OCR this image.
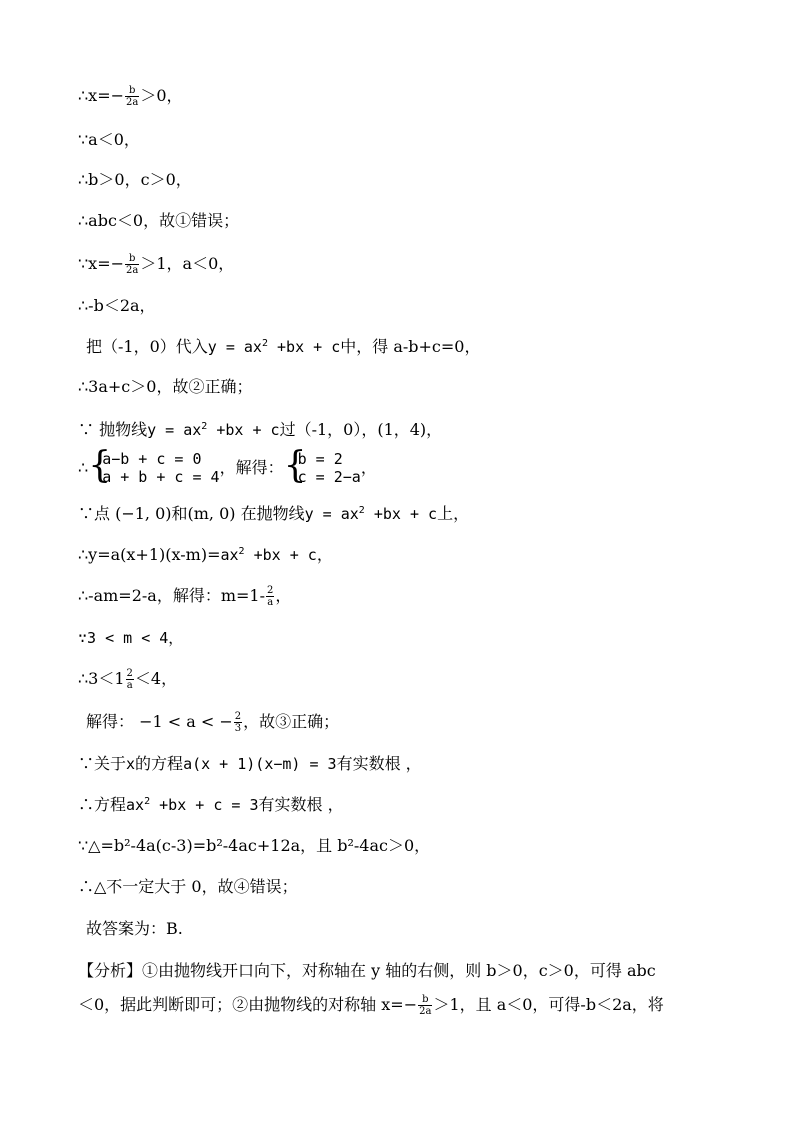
∴x=− $\frac{b}{2a} >0$，
∵a＜0，
∴b＞0，c＞0，
∴abc＜0，故①错误；
∵x=− $\frac{b}{2a} >1$，a＜0，
∴-b＜2a，
把（-1，0）代入$y = ax^2 +bx + c$中，得 a-b+c=0，
∴3a+c＞0，故②正确；
∵ 抛物线$y = ax^2 +bx + c$过（-1，0），(1，4)，
∴ {
a−b + c = 0
a + b + c = 4 ，解得： {
b = 2
c = 2−a ，
∵点 (−1, 0)和(m, 0) 在抛物线$y = ax^2 +bx + c$上，
$\therefore y=a(x+1)(x-m)=ax^2 +bx + c$，
∴-am=2-a，解得：$m=1- \frac{2}{a}$ ，
∵3 < m < 4，
∴3＜1 $\frac{2}{a} <4$，
解得： −1 < a < − $\frac{2}{3}$ ，故③正确；
∵关于x的方程a(x + 1)(x−m) = 3有实数根 ，
∴方程$ax^2 +bx + c = 3$有实数根 ，
∵△=b²-4a(c-3)=b²-4ac+12a，且 b²-4ac＞0，
∴△不一定大于 0，故④错误；
故答案为：B.
【分析】①由抛物线开口向下，对称轴在 y 轴的右侧，则 b＞0，c＞0，可得 abc
＜0，据此判断即可；②由抛物线的对称轴 $x=- \frac{b}{2a} >1$，且 a＜0，可得-b＜2a，将
